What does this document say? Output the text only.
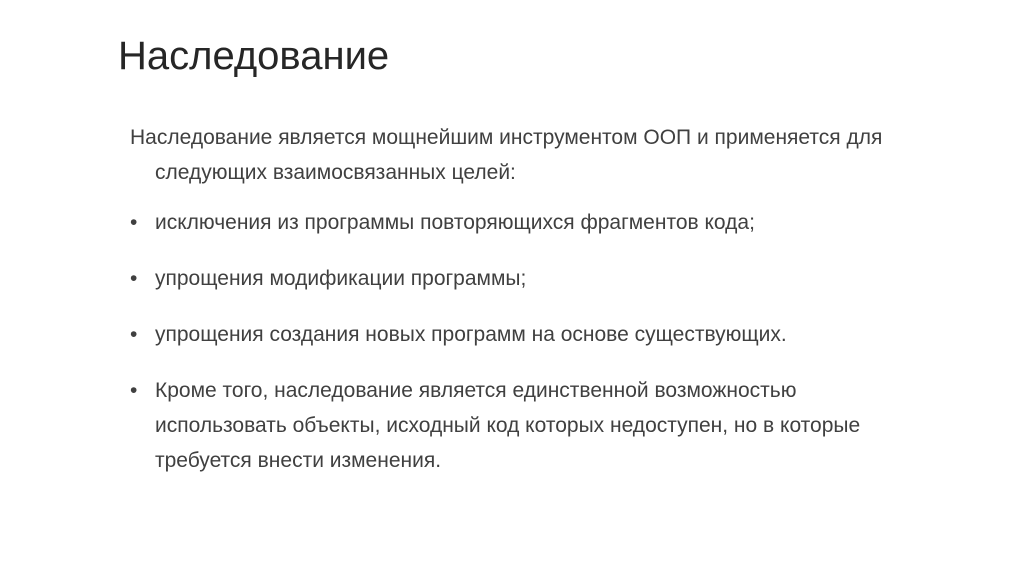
Наследование

Наследование является мощнейшим инструментом ООП и применяется для следующих взаимосвязанных целей:

• исключения из программы повторяющихся фрагментов кода;
• упрощения модификации программы;
• упрощения создания новых программ на основе существующих.
• Кроме того, наследование является единственной возможностью использовать объекты, исходный код которых недоступен, но в которые требуется внести изменения.
